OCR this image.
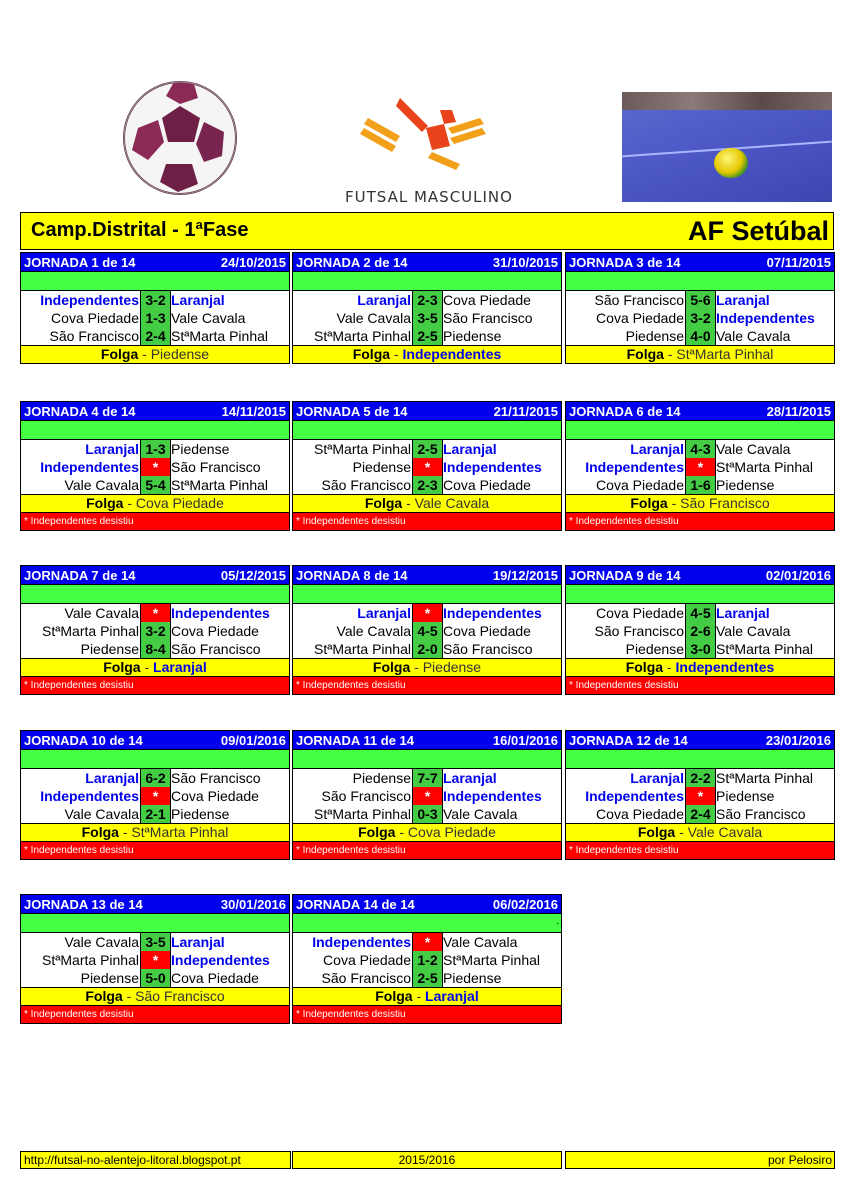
FUTSAL MASCULINO
Camp.Distrital - 1ªFase	AF Setúbal
JORNADA 1 de 14	24/10/2015
Independentes 3-2 Laranjal
Cova Piedade 1-3 Vale Cavala
São Francisco 2-4 StªMarta Pinhal
Folga - Piedense
JORNADA 2 de 14	31/10/2015
Laranjal 2-3 Cova Piedade
Vale Cavala 3-5 São Francisco
StªMarta Pinhal 2-5 Piedense
Folga - Independentes
JORNADA 3 de 14	07/11/2015
São Francisco 5-6 Laranjal
Cova Piedade 3-2 Independentes
Piedense 4-0 Vale Cavala
Folga - StªMarta Pinhal
JORNADA 4 de 14	14/11/2015
Laranjal 1-3 Piedense
Independentes * São Francisco
Vale Cavala 5-4 StªMarta Pinhal
Folga - Cova Piedade
* Independentes desistiu
JORNADA 5 de 14	21/11/2015
StªMarta Pinhal 2-5 Laranjal
Piedense * Independentes
São Francisco 2-3 Cova Piedade
Folga - Vale Cavala
* Independentes desistiu
JORNADA 6 de 14	28/11/2015
Laranjal 4-3 Vale Cavala
Independentes * StªMarta Pinhal
Cova Piedade 1-6 Piedense
Folga - São Francisco
* Independentes desistiu
JORNADA 7 de 14	05/12/2015
Vale Cavala * Independentes
StªMarta Pinhal 3-2 Cova Piedade
Piedense 8-4 São Francisco
Folga - Laranjal
* Independentes desistiu
JORNADA 8 de 14	19/12/2015
Laranjal * Independentes
Vale Cavala 4-5 Cova Piedade
StªMarta Pinhal 2-0 São Francisco
Folga - Piedense
* Independentes desistiu
JORNADA 9 de 14	02/01/2016
Cova Piedade 4-5 Laranjal
São Francisco 2-6 Vale Cavala
Piedense 3-0 StªMarta Pinhal
Folga - Independentes
* Independentes desistiu
JORNADA 10 de 14	09/01/2016
Laranjal 6-2 São Francisco
Independentes * Cova Piedade
Vale Cavala 2-1 Piedense
Folga - StªMarta Pinhal
* Independentes desistiu
JORNADA 11 de 14	16/01/2016
Piedense 7-7 Laranjal
São Francisco * Independentes
StªMarta Pinhal 0-3 Vale Cavala
Folga - Cova Piedade
* Independentes desistiu
JORNADA 12 de 14	23/01/2016
Laranjal 2-2 StªMarta Pinhal
Independentes * Piedense
Cova Piedade 2-4 São Francisco
Folga - Vale Cavala
* Independentes desistiu
JORNADA 13 de 14	30/01/2016
Vale Cavala 3-5 Laranjal
StªMarta Pinhal * Independentes
Piedense 5-0 Cova Piedade
Folga - São Francisco
* Independentes desistiu
JORNADA 14 de 14	06/02/2016
.
Independentes * Vale Cavala
Cova Piedade 1-2 StªMarta Pinhal
São Francisco 2-5 Piedense
Folga - Laranjal
* Independentes desistiu
http://futsal-no-alentejo-litoral.blogspot.pt	2015/2016	por Pelosiro
